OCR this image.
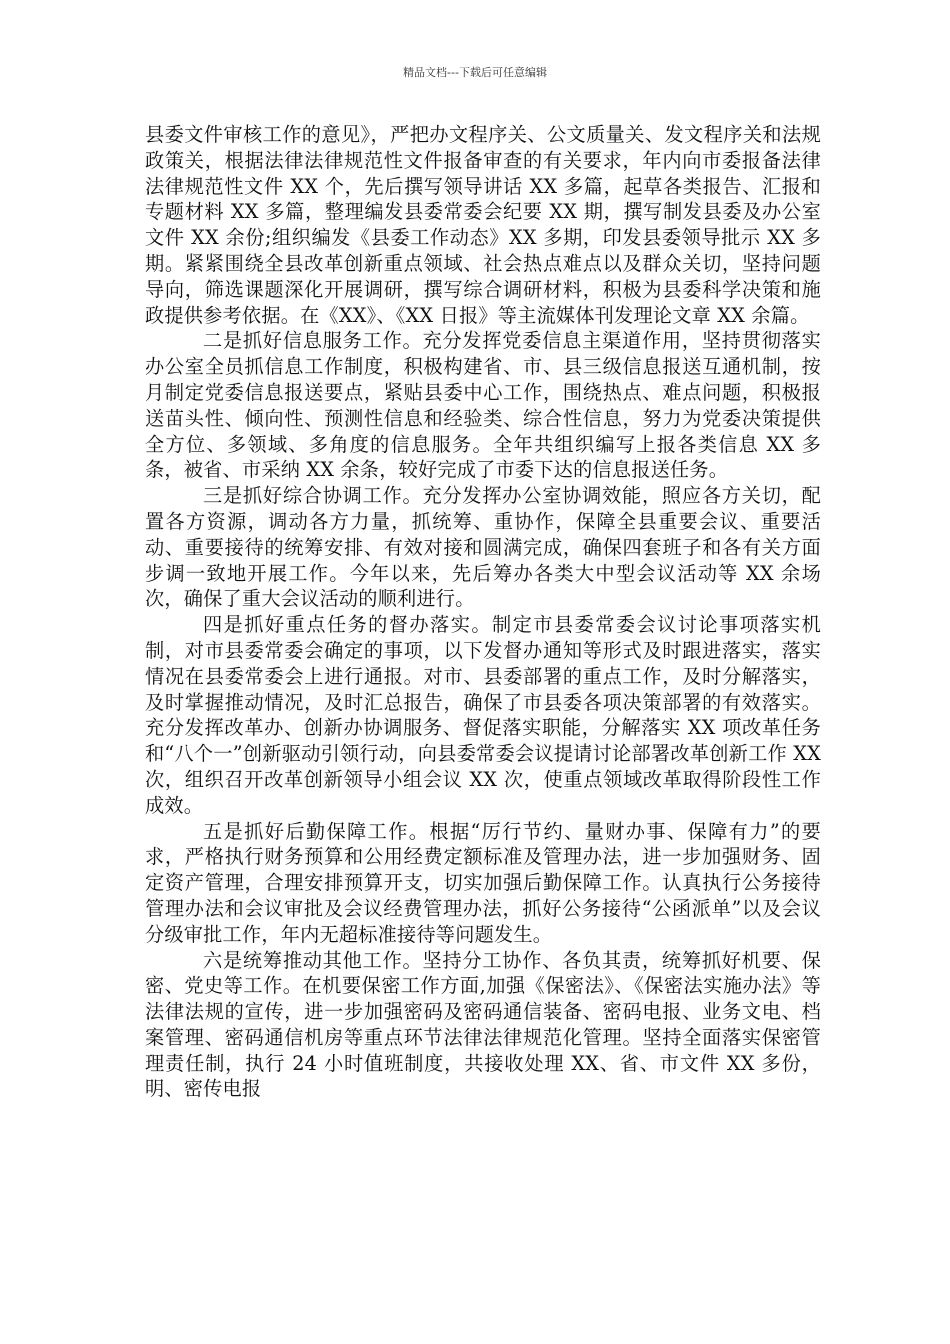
精品文档---下载后可任意编辑

县委文件审核工作的意见》，严把办文程序关、公文质量关、发文程序关和法规政策关，根据法律法律规范性文件报备审查的有关要求，年内向市委报备法律法律规范性文件 XX 个，先后撰写领导讲话 XX 多篇，起草各类报告、汇报和专题材料 XX 多篇，整理编发县委常委会纪要 XX 期，撰写制发县委及办公室文件 XX 余份;组织编发《县委工作动态》XX 多期，印发县委领导批示 XX 多期。紧紧围绕全县改革创新重点领域、社会热点难点以及群众关切，坚持问题导向，筛选课题深化开展调研，撰写综合调研材料，积极为县委科学决策和施政提供参考依据。在《XX》、《XX 日报》等主流媒体刊发理论文章 XX 余篇。

二是抓好信息服务工作。充分发挥党委信息主渠道作用，坚持贯彻落实办公室全员抓信息工作制度，积极构建省、市、县三级信息报送互通机制，按月制定党委信息报送要点，紧贴县委中心工作，围绕热点、难点问题，积极报送苗头性、倾向性、预测性信息和经验类、综合性信息，努力为党委决策提供全方位、多领域、多角度的信息服务。全年共组织编写上报各类信息 XX 多条，被省、市采纳 XX 余条，较好完成了市委下达的信息报送任务。

三是抓好综合协调工作。充分发挥办公室协调效能，照应各方关切，配置各方资源，调动各方力量，抓统筹、重协作，保障全县重要会议、重要活动、重要接待的统筹安排、有效对接和圆满完成，确保四套班子和各有关方面步调一致地开展工作。今年以来，先后筹办各类大中型会议活动等 XX 余场次，确保了重大会议活动的顺利进行。

四是抓好重点任务的督办落实。制定市县委常委会议讨论事项落实机制，对市县委常委会确定的事项，以下发督办通知等形式及时跟进落实，落实情况在县委常委会上进行通报。对市、县委部署的重点工作，及时分解落实，及时掌握推动情况，及时汇总报告，确保了市县委各项决策部署的有效落实。充分发挥改革办、创新办协调服务、督促落实职能，分解落实 XX 项改革任务和“八个一”创新驱动引领行动，向县委常委会议提请讨论部署改革创新工作 XX 次，组织召开改革创新领导小组会议 XX 次，使重点领域改革取得阶段性工作成效。

五是抓好后勤保障工作。根据“厉行节约、量财办事、保障有力”的要求，严格执行财务预算和公用经费定额标准及管理办法，进一步加强财务、固定资产管理，合理安排预算开支，切实加强后勤保障工作。认真执行公务接待管理办法和会议审批及会议经费管理办法，抓好公务接待“公函派单”以及会议分级审批工作，年内无超标准接待等问题发生。

六是统筹推动其他工作。坚持分工协作、各负其责，统筹抓好机要、保密、党史等工作。在机要保密工作方面,加强《保密法》、《保密法实施办法》等法律法规的宣传，进一步加强密码及密码通信装备、密码电报、业务文电、档案管理、密码通信机房等重点环节法律法律规范化管理。坚持全面落实保密管理责任制，执行 24 小时值班制度，共接收处理 XX、省、市文件 XX 多份，明、密传电报
